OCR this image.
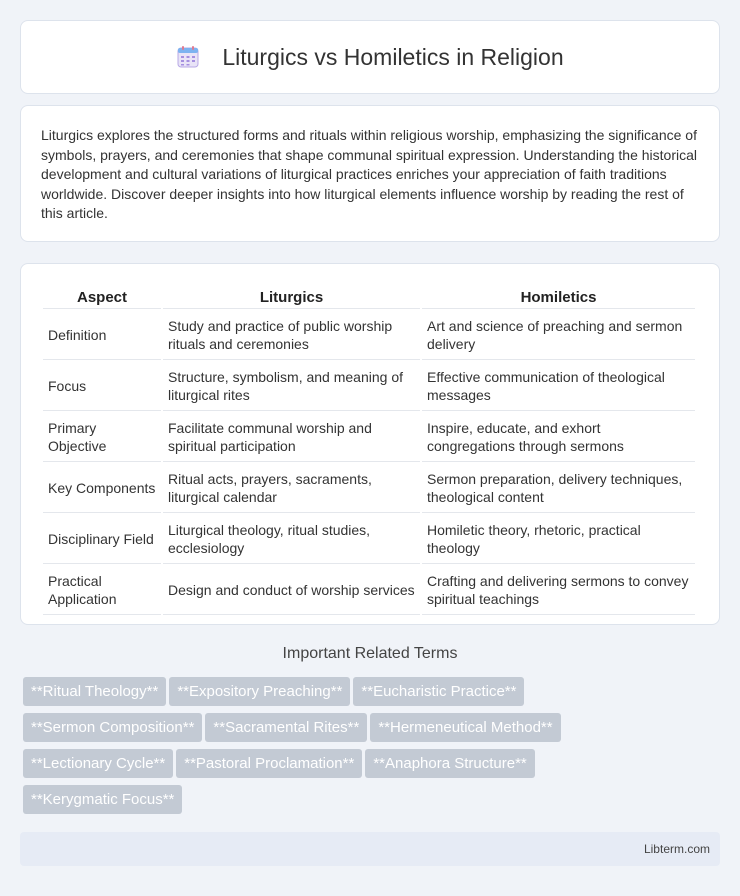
Liturgics vs Homiletics in Religion

Liturgics explores the structured forms and rituals within religious worship, emphasizing the significance of symbols, prayers, and ceremonies that shape communal spiritual expression. Understanding the historical development and cultural variations of liturgical practices enriches your appreciation of faith traditions worldwide. Discover deeper insights into how liturgical elements influence worship by reading the rest of this article.

Aspect	Liturgics	Homiletics
Definition	Study and practice of public worship rituals and ceremonies	Art and science of preaching and sermon delivery
Focus	Structure, symbolism, and meaning of liturgical rites	Effective communication of theological messages
Primary Objective	Facilitate communal worship and spiritual participation	Inspire, educate, and exhort congregations through sermons
Key Components	Ritual acts, prayers, sacraments, liturgical calendar	Sermon preparation, delivery techniques, theological content
Disciplinary Field	Liturgical theology, ritual studies, ecclesiology	Homiletic theory, rhetoric, practical theology
Practical Application	Design and conduct of worship services	Crafting and delivering sermons to convey spiritual teachings
Important Related Terms
**Ritual Theology** **Expository Preaching** **Eucharistic Practice**
**Sermon Composition** **Sacramental Rites** **Hermeneutical Method**
**Lectionary Cycle** **Pastoral Proclamation** **Anaphora Structure**
**Kerygmatic Focus**
Libterm.com
